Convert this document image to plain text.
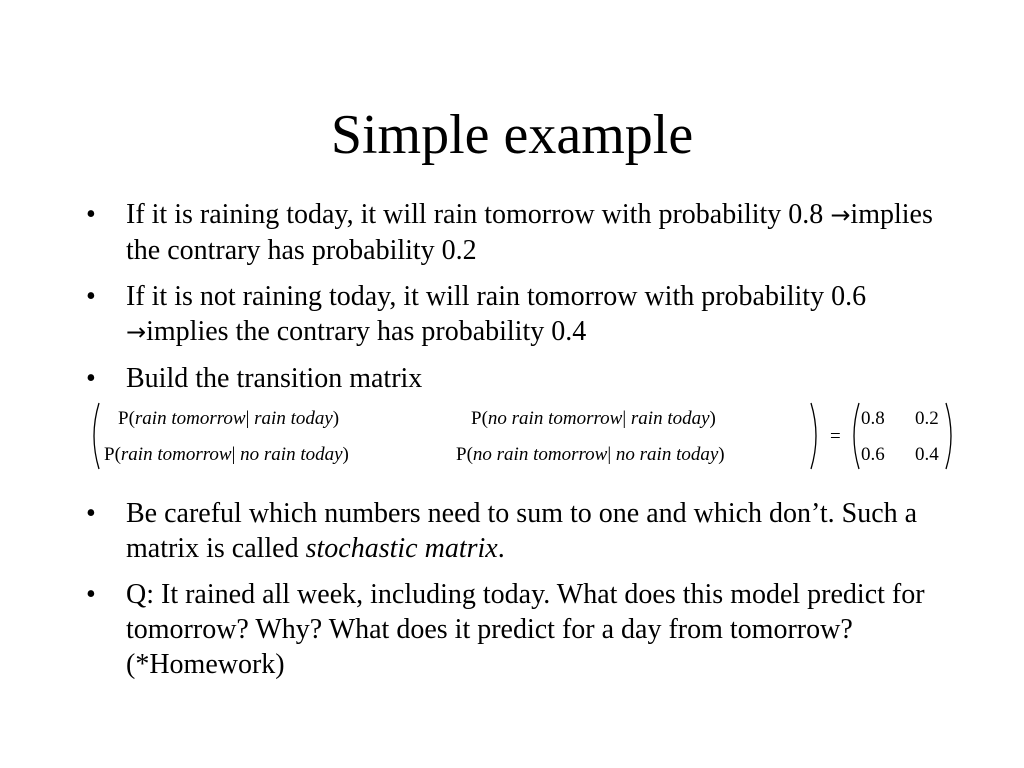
Simple example
• If it is raining today, it will rain tomorrow with probability 0.8 →implies the contrary has probability 0.2
• If it is not raining today, it will rain tomorrow with probability 0.6 →implies the contrary has probability 0.4
• Build the transition matrix
P(rain tomorrow| rain today)	P(no rain tomorrow| rain today)
P(rain tomorrow| no rain today)	P(no rain tomorrow| no rain today)
=
0.8 0.2
0.6 0.4
• Be careful which numbers need to sum to one and which don’t. Such a matrix is called stochastic matrix.
• Q: It rained all week, including today. What does this model predict for tomorrow? Why? What does it predict for a day from tomorrow? (*Homework)
